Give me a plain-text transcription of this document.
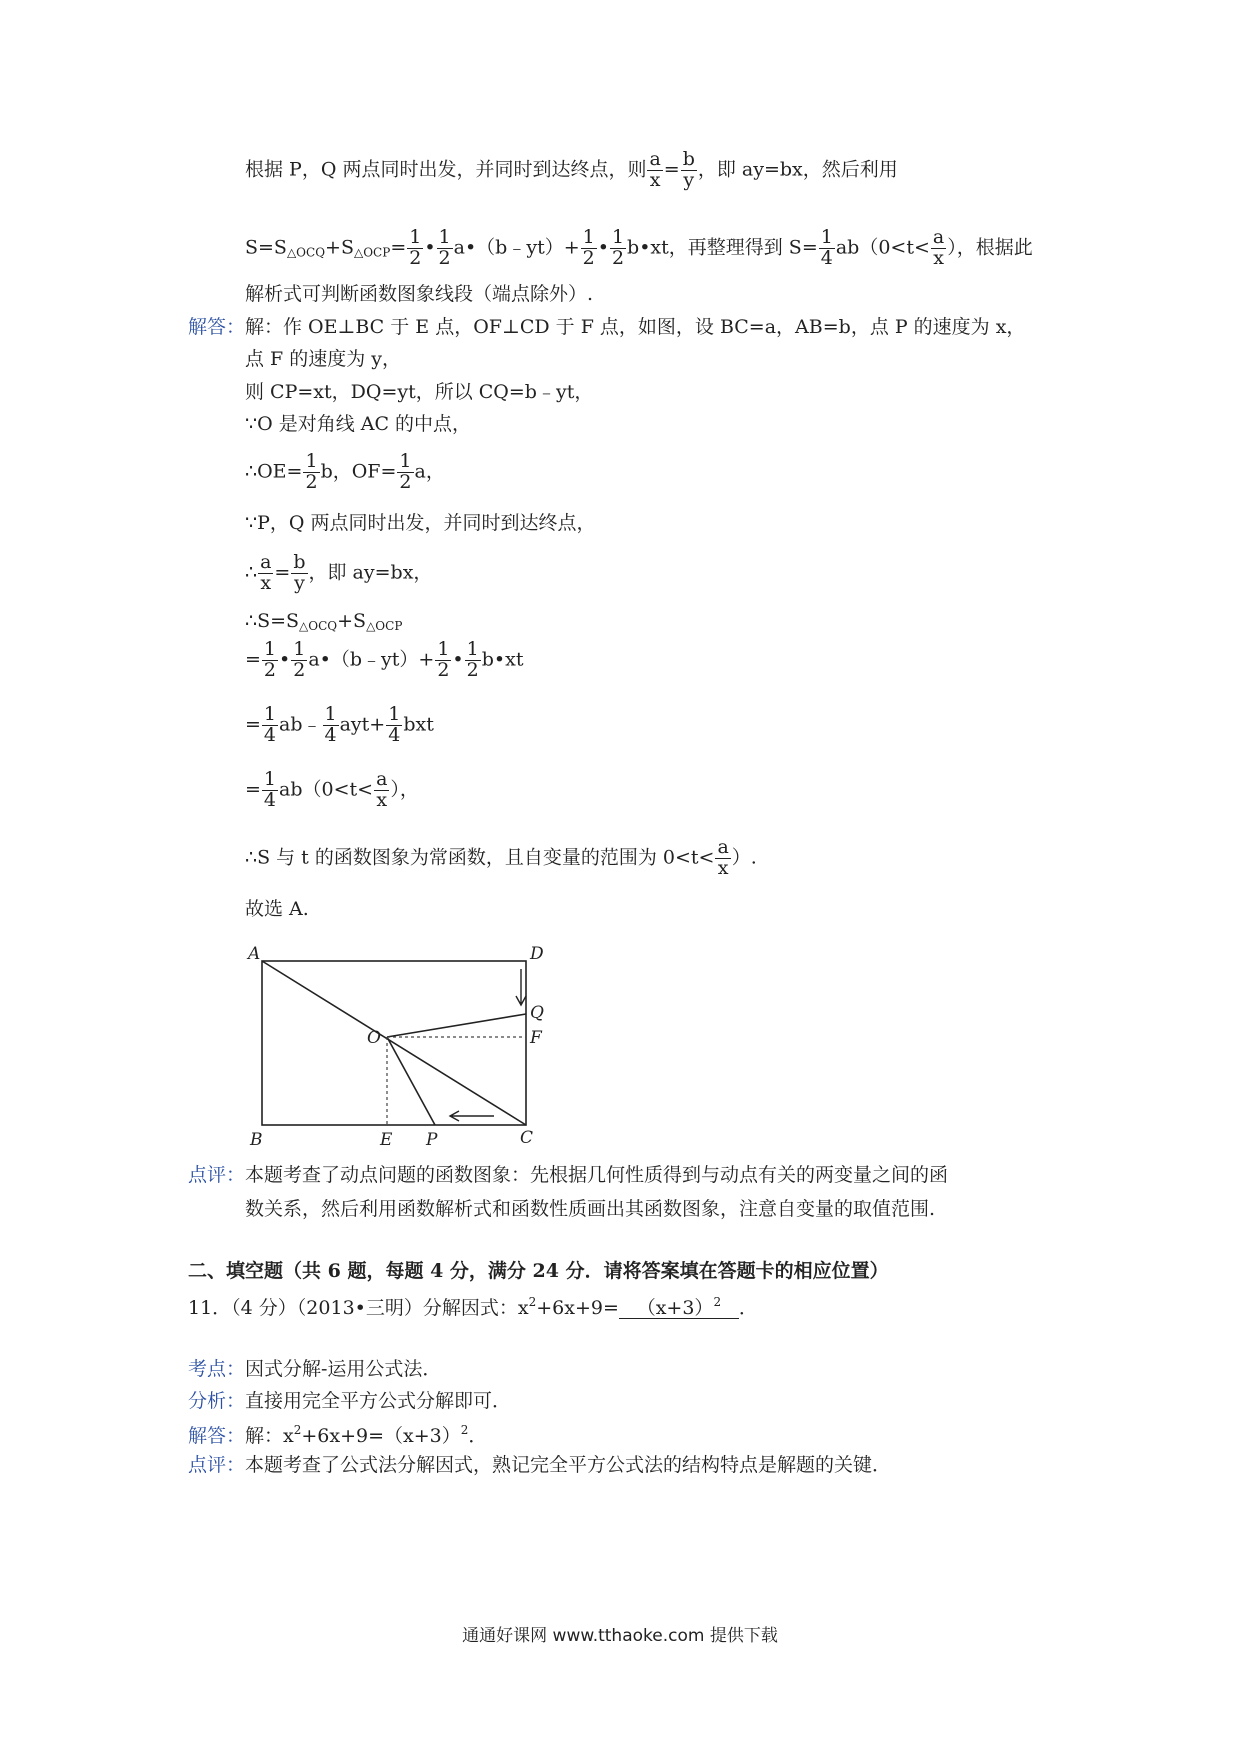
根据 P，Q 两点同时出发，并同时到达终点，则 $\frac{a}{x} = \frac{b}{y}$ ，即 ay=bx，然后利用
$S=S_{\triangle OCQ}+S_{\triangle OCP}= \frac{1}{2}$ • $\frac{1}{2}$ a•（b﹣yt）+ $\frac{1}{2}$ • $\frac{1}{2}$ b•xt，再整理得到 $S= \frac{1}{4} ab(0<t< \frac{a}{x}$ ），根据此
解析式可判断函数图象线段（端点除外）.
解答：解：作 OE⊥BC 于 E 点，OF⊥CD 于 F 点，如图，设 BC=a，AB=b，点 P 的速度为 x，
点 F 的速度为 y，
则 CP=xt，DQ=yt，所以 CQ=b﹣yt，
∵O 是对角线 AC 的中点，
∴OE= $\frac{1}{2}$ b，$OF= \frac{1}{2}$ a，
∵P，Q 两点同时出发，并同时到达终点，
∴ $\frac{a}{x} = \frac{b}{y}$ ，即 ay=bx，
$\therefore S=S_{\triangle OCQ}+S_{\triangle OCP}$
= $\frac{1}{2}$ • $\frac{1}{2}$ a•（b﹣yt）+ $\frac{1}{2}$ • $\frac{1}{2}$ b•xt
= $\frac{1}{4}$ ab﹣ $\frac{1}{4} ayt+ \frac{1}{4}$ bxt
= $\frac{1}{4} ab(0<t< \frac{a}{x}$ ），
∴S 与 t 的函数图象为常函数，且自变量的范围为 $0<t< \frac{a}{x}$ ）.
故选 A.
A	D
Q
O	F
B	E P	C
点评：本题考查了动点问题的函数图象：先根据几何性质得到与动点有关的两变量之间的函
数关系，然后利用函数解析式和函数性质画出其函数图象，注意自变量的取值范围.
二、填空题（共 6 题，每题 4 分，满分 24 分．请将答案填在答题卡的相应位置）
11．（4 分）（2013•三明）分解因式：$x^2+6x+9= (x+3)^2$ ．
考点：因式分解-运用公式法．
分析：直接用完全平方公式分解即可．
解答：解：$x^2+6x+9=(x+3)^2$．
点评：本题考查了公式法分解因式，熟记完全平方公式法的结构特点是解题的关键．
通通好课网 www.tthaoke.com 提供下载
